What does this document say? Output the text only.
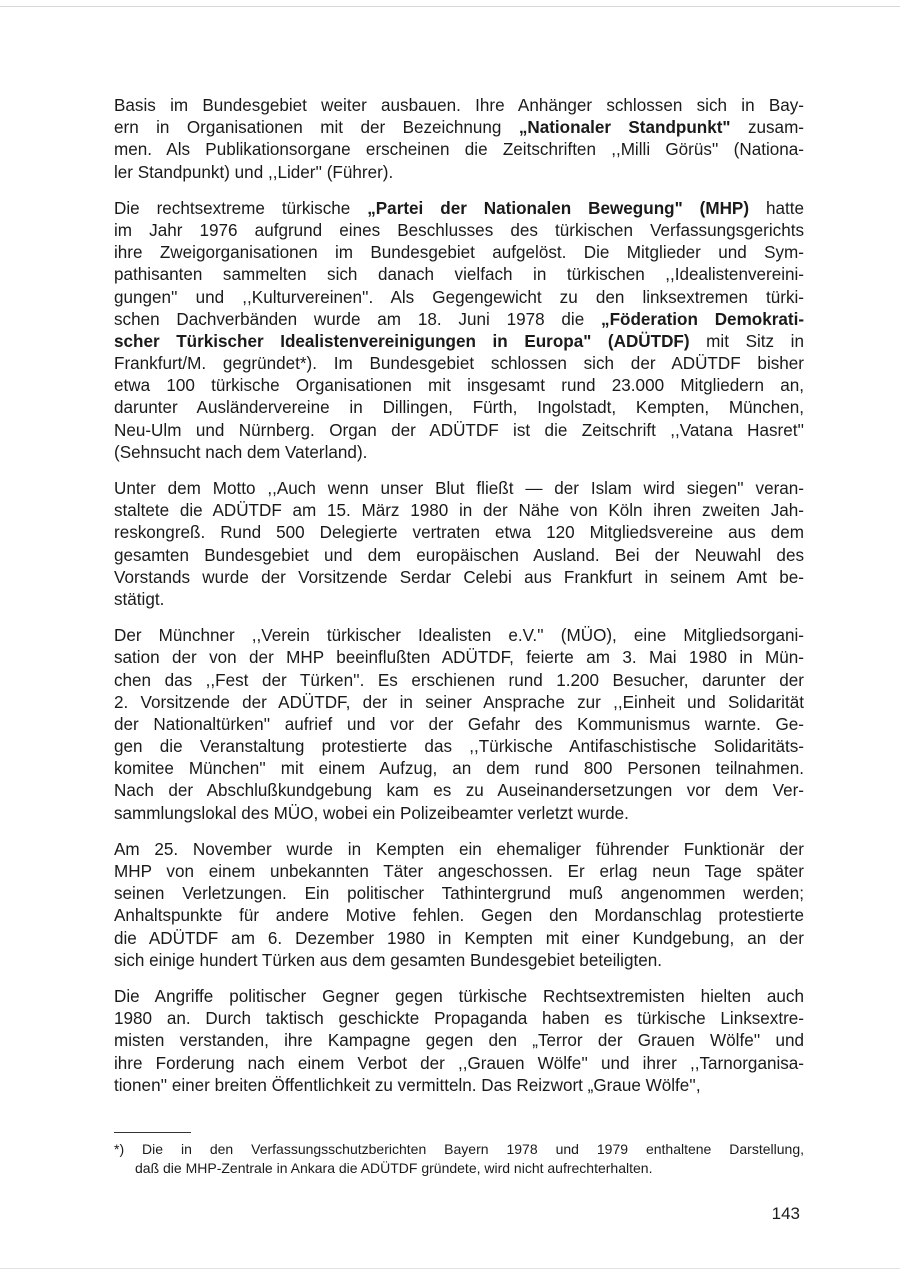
Basis im Bundesgebiet weiter ausbauen. Ihre Anhänger schlossen sich in Bay-
ern in Organisationen mit der Bezeichnung „Nationaler Standpunkt" zusam-
men. Als Publikationsorgane erscheinen die Zeitschriften ,,Milli Görüs'' (Nationa-
ler Standpunkt) und ,,Lider'' (Führer).
Die rechtsextreme türkische „Partei der Nationalen Bewegung" (MHP) hatte
im Jahr 1976 aufgrund eines Beschlusses des türkischen Verfassungsgerichts
ihre Zweigorganisationen im Bundesgebiet aufgelöst. Die Mitglieder und Sym-
pathisanten sammelten sich danach vielfach in türkischen ,,Idealistenvereini-
gungen'' und ,,Kulturvereinen''. Als Gegengewicht zu den linksextremen türki-
schen Dachverbänden wurde am 18. Juni 1978 die „Föderation Demokrati-
scher Türkischer Idealistenvereinigungen in Europa" (ADÜTDF) mit Sitz in
Frankfurt/M. gegründet*). Im Bundesgebiet schlossen sich der ADÜTDF bisher
etwa 100 türkische Organisationen mit insgesamt rund 23.000 Mitgliedern an,
darunter Ausländervereine in Dillingen, Fürth, Ingolstadt, Kempten, München,
Neu-Ulm und Nürnberg. Organ der ADÜTDF ist die Zeitschrift ,,Vatana Hasret''
(Sehnsucht nach dem Vaterland).
Unter dem Motto ,,Auch wenn unser Blut fließt — der Islam wird siegen'' veran-
staltete die ADÜTDF am 15. März 1980 in der Nähe von Köln ihren zweiten Jah-
reskongreß. Rund 500 Delegierte vertraten etwa 120 Mitgliedsvereine aus dem
gesamten Bundesgebiet und dem europäischen Ausland. Bei der Neuwahl des
Vorstands wurde der Vorsitzende Serdar Celebi aus Frankfurt in seinem Amt be-
stätigt.
Der Münchner ,,Verein türkischer Idealisten e.V.'' (MÜO), eine Mitgliedsorgani-
sation der von der MHP beeinflußten ADÜTDF, feierte am 3. Mai 1980 in Mün-
chen das ,,Fest der Türken''. Es erschienen rund 1.200 Besucher, darunter der
2. Vorsitzende der ADÜTDF, der in seiner Ansprache zur ,,Einheit und Solidarität
der Nationaltürken'' aufrief und vor der Gefahr des Kommunismus warnte. Ge-
gen die Veranstaltung protestierte das ,,Türkische Antifaschistische Solidaritäts-
komitee München'' mit einem Aufzug, an dem rund 800 Personen teilnahmen.
Nach der Abschlußkundgebung kam es zu Auseinandersetzungen vor dem Ver-
sammlungslokal des MÜO, wobei ein Polizeibeamter verletzt wurde.
Am 25. November wurde in Kempten ein ehemaliger führender Funktionär der
MHP von einem unbekannten Täter angeschossen. Er erlag neun Tage später
seinen Verletzungen. Ein politischer Tathintergrund muß angenommen werden;
Anhaltspunkte für andere Motive fehlen. Gegen den Mordanschlag protestierte
die ADÜTDF am 6. Dezember 1980 in Kempten mit einer Kundgebung, an der
sich einige hundert Türken aus dem gesamten Bundesgebiet beteiligten.
Die Angriffe politischer Gegner gegen türkische Rechtsextremisten hielten auch
1980 an. Durch taktisch geschickte Propaganda haben es türkische Linksextre-
misten verstanden, ihre Kampagne gegen den „Terror der Grauen Wölfe'' und
ihre Forderung nach einem Verbot der ,,Grauen Wölfe'' und ihrer ,,Tarnorganisa-
tionen'' einer breiten Öffentlichkeit zu vermitteln. Das Reizwort „Graue Wölfe'',
*) Die in den Verfassungsschutzberichten Bayern 1978 und 1979 enthaltene Darstellung,
daß die MHP-Zentrale in Ankara die ADÜTDF gründete, wird nicht aufrechterhalten.
143
